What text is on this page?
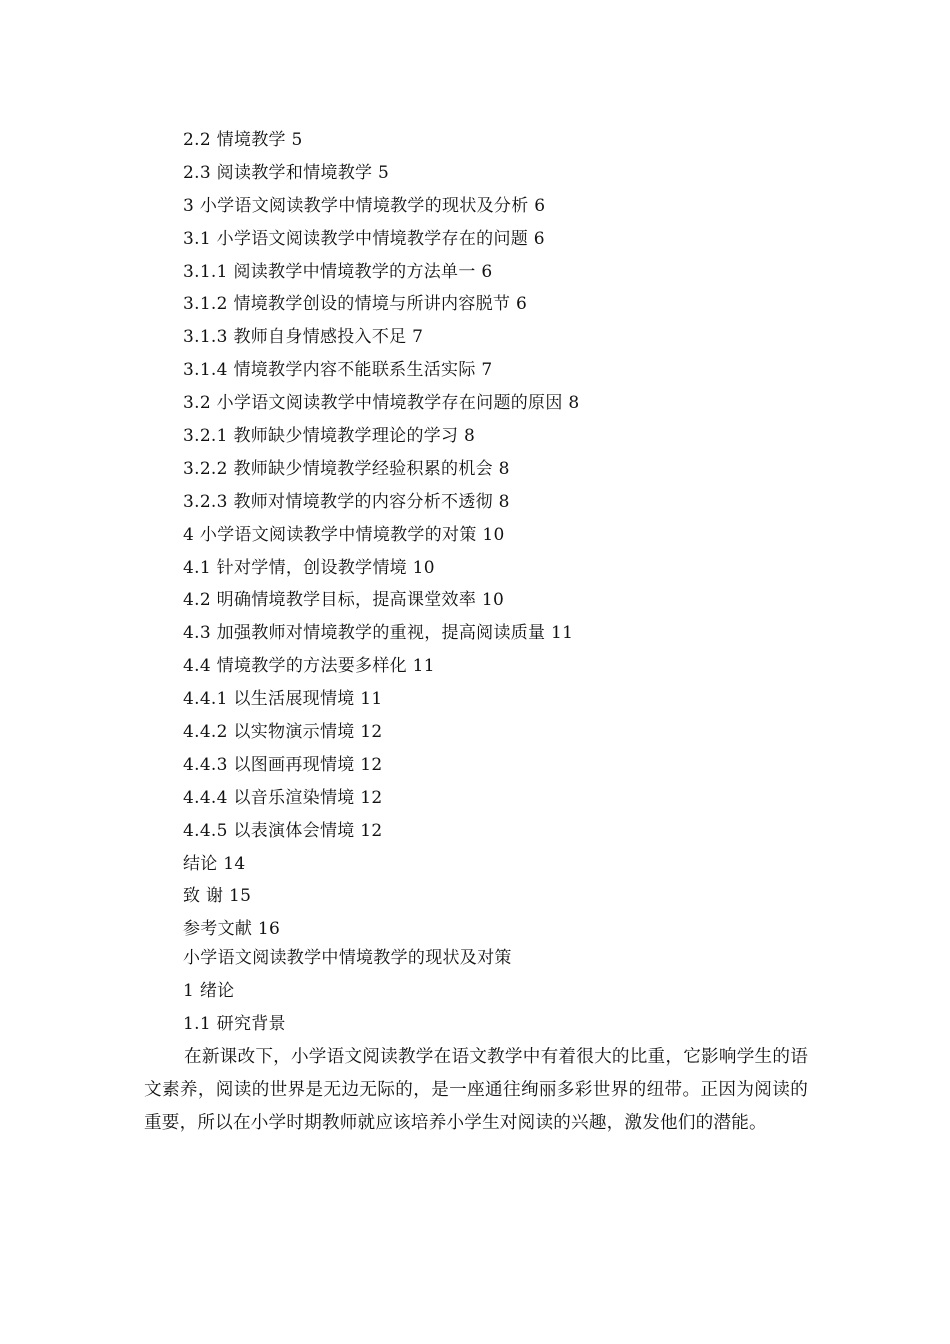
2.2 情境教学 5
2.3 阅读教学和情境教学 5
3 小学语文阅读教学中情境教学的现状及分析 6
3.1 小学语文阅读教学中情境教学存在的问题 6
3.1.1 阅读教学中情境教学的方法单一 6
3.1.2 情境教学创设的情境与所讲内容脱节 6
3.1.3 教师自身情感投入不足 7
3.1.4 情境教学内容不能联系生活实际 7
3.2 小学语文阅读教学中情境教学存在问题的原因 8
3.2.1 教师缺少情境教学理论的学习 8
3.2.2 教师缺少情境教学经验积累的机会 8
3.2.3 教师对情境教学的内容分析不透彻 8
4 小学语文阅读教学中情境教学的对策 10
4.1 针对学情，创设教学情境 10
4.2 明确情境教学目标，提高课堂效率 10
4.3 加强教师对情境教学的重视，提高阅读质量 11
4.4 情境教学的方法要多样化 11
4.4.1 以生活展现情境 11
4.4.2 以实物演示情境 12
4.4.3 以图画再现情境 12
4.4.4 以音乐渲染情境 12
4.4.5 以表演体会情境 12
结论 14
致 谢 15
参考文献 16
小学语文阅读教学中情境教学的现状及对策
1 绪论
1.1 研究背景

在新课改下，小学语文阅读教学在语文教学中有着很大的比重，它影响学生的语文素养，阅读的世界是无边无际的，是一座通往绚丽多彩世界的纽带。正因为阅读的重要，所以在小学时期教师就应该培养小学生对阅读的兴趣，激发他们的潜能。
